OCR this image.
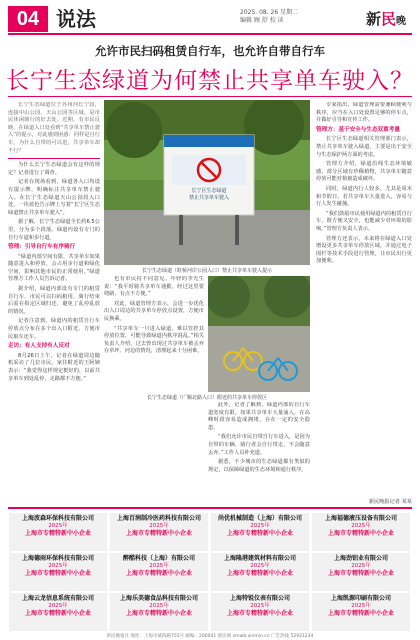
04 说法	2025. 08. 26 星期二
编辑 顾 舒 校 读	新 民 晚
允许市民扫码租赁自行车，也允许自带自行车
长宁生态绿道为何禁止共享单车驶入？

长宁生态绿道位于苏州河长宁段，连接中山公园、天山公园等区域，是市民休闲骑行的好去处。近期，有市民反映，在绿道入口处看到“共享单车禁止驶入”的提示，对此感到困惑：同样是自行车，为什么自带的可以进，共享单车却不行？

为什么长宁生态绿道会有这样的规定？记者进行了调查。

记者在现场看到，绿道各入口均设有提示牌，明确标注共享单车禁止驶入。在长宁生态绿道天山公园段入口处，一块蓝色告示牌上写着“长宁区生态绿道禁止共享单车驶入”。

据了解，长宁生态绿道全长约6.5公里，分为多个段落。绿道内设有专门的自行车道和步行道。

管理：引导自行车有序骑行

“绿道内部空间有限，共享单车如果随意进入和停放，会占用步行道和绿化空间，影响其他市民的正常使用。”绿道管理方工作人员告诉记者。

据介绍，绿道内部设有专门的租赁自行车，市民可以扫码租用，骑行结束后需在指定区域归还，避免了乱停乱放的情况。

记者注意到，绿道内的租赁自行车停放点分布在多个出入口附近，方便市民取车还车。

走访：有人支持有人反对

8月26日上午，记者在绿道周边随机采访了几位市民。家住附近的王阿姨表示：“我觉得这样规定挺好的，以前共享单车到处乱停，走路都不方便。”

长宁区生态绿道
禁止共享单车驶入
长宁生态绿道（虹桥河岸公园入口）禁止共享单车驶入提示

专家指出，绿道管理需要兼顾便利与秩序，应当在入口处设置足够的停车点，并做好引导和宣传工作。

管理方：基于安全与生态双重考量

长宁区生态绿道相关管理部门表示，禁止共享单车驶入绿道，主要是出于安全与生态保护两方面的考虑。

管理方介绍，绿道沿线生态环境敏感，部分区域有珍稀植物，共享单车随意停放可能对植被造成破坏。

同时，绿道内行人较多，尤其是周末和节假日，若共享单车大量进入，容易与行人发生碰撞。

“我们鼓励市民使用绿道内的租赁自行车，既方便又安全，也能减少对环境的影响。”管理方负责人表示。

管理方还表示，未来将在绿道入口处增设更多共享单车停放区域，并通过电子围栏等技术手段进行管理，让市民出行更加便利。

也有市民持不同意见。年轻的李先生说：“我平时骑共享单车通勤，经过这里要绕路，有点不方便。”

对此，绿道管理方表示，会进一步优化出入口周边的共享单车停放点设置，方便市民换乘。

“共享单车一旦进入绿道，难以管控其停放位置，可能导致绿道内秩序混乱。”相关负责人介绍，过去曾出现过共享单车被丢弃在草坪、河边的情况，清理起来十分困难。

长宁生态绿道（广顺北路入口）附近的共享单车停放区

此外，记者了解到，绿道内部的自行车道宽度有限，如果共享单车大量涌入，在高峰时段容易造成拥堵，存在一定的安全隐患。

“我们允许市民自带自行车进入，是因为自带的车辆，骑行者会自行带走，不会随意丢弃。”工作人员补充道。

据悉，不少城市的生态绿道都有类似的规定，以保障绿道的生态环境和通行秩序。

新民晚报记者 某某
上海波森环保科技有限公司
2025年
上海市专精特新中小企业
上海百润制冷医药科技有限公司
2025年
上海市专精特新中小企业
尚优机械制造（上海）有限公司
2025年
上海市专精特新中小企业
上海福德液压设备有限公司
2025年
上海市专精特新中小企业
上海德雨环保科技有限公司
2025年
上海市专精特新中小企业
醉酷科技（上海）有限公司
2025年
上海市专精特新中小企业
上海隆港建筑材料有限公司
2025年
上海市专精特新中小企业
上海劲铝业有限公司
2025年
上海市专精特新中小企业
上海云龙信息系统有限公司
2025年
上海市专精特新中小企业
上海乐美德食品科技有限公司
2025年
上海市专精特新中小企业
上海特锐仪表有限公司
2025年
上海市专精特新中小企业
上海凯源印刷有限公司
2025年
上海市专精特新中小企业
新民晚报社 地址：上海市威海路755号 邮编：200041 新民网 xmwb.xinmin.cn 广告热线 52921234
